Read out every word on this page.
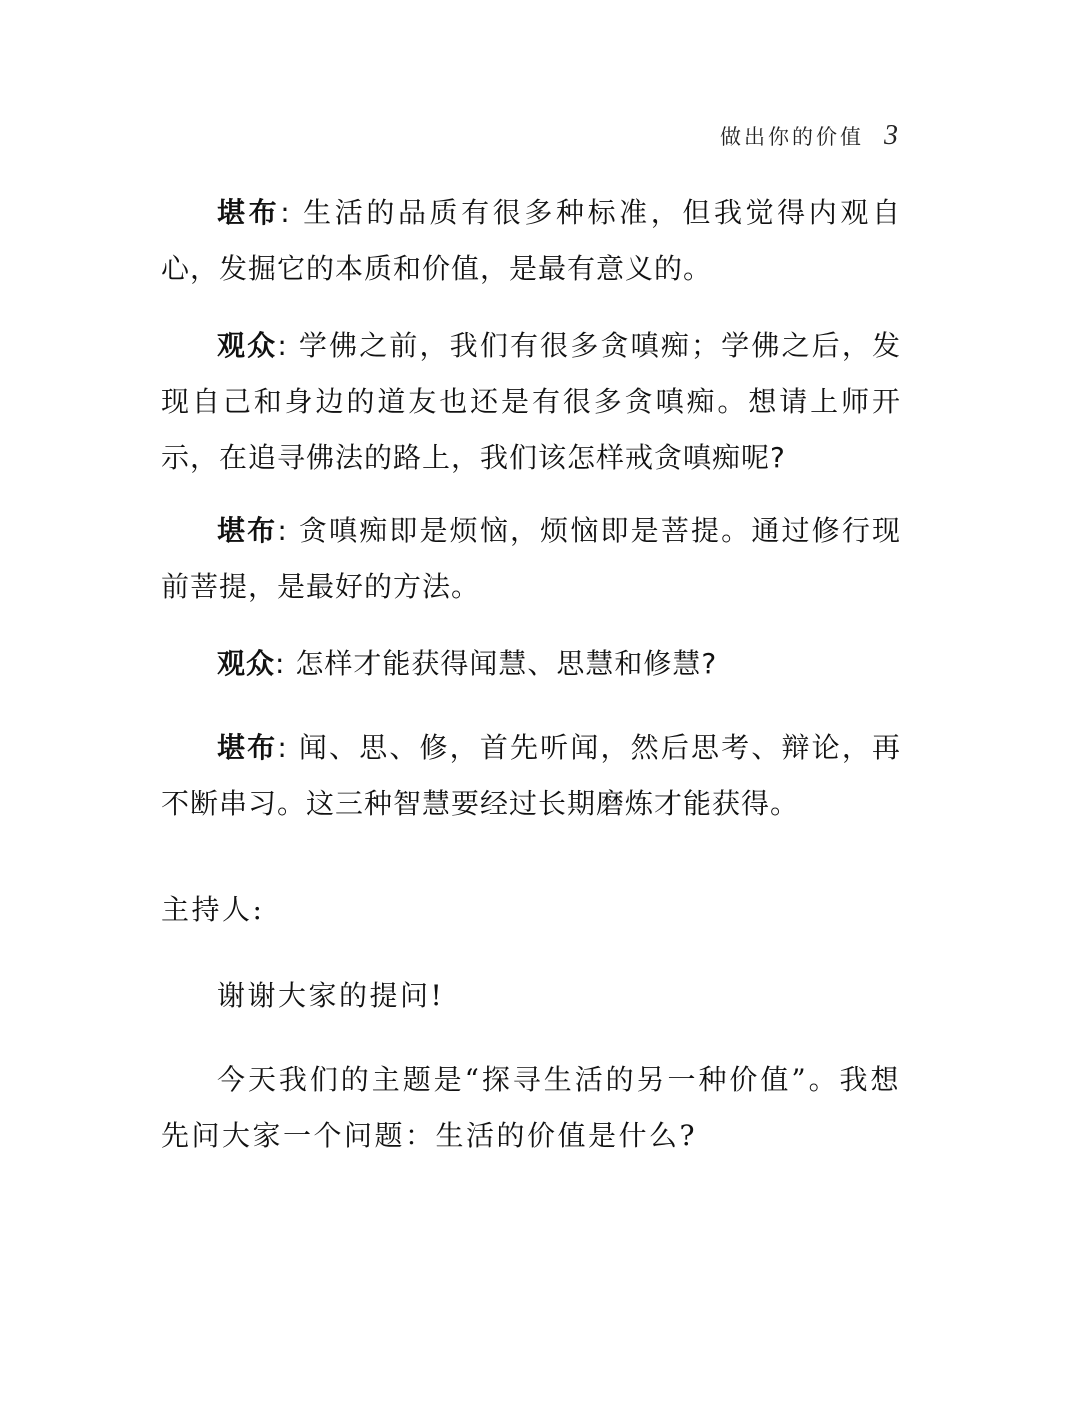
做出你的价值 3

堪布: 生活的品质有很多种标准，但我觉得内观自心，发掘它的本质和价值，是最有意义的。

观众: 学佛之前，我们有很多贪嗔痴；学佛之后，发现自己和身边的道友也还是有很多贪嗔痴。想请上师开示，在追寻佛法的路上，我们该怎样戒贪嗔痴呢?

堪布: 贪嗔痴即是烦恼，烦恼即是菩提。通过修行现前菩提，是最好的方法。

观众: 怎样才能获得闻慧、思慧和修慧?

堪布: 闻、思、修，首先听闻，然后思考、辩论，再不断串习。这三种智慧要经过长期磨炼才能获得。

主持人:

谢谢大家的提问!

今天我们的主题是“探寻生活的另一种价值”。我想先问大家一个问题：生活的价值是什么?
